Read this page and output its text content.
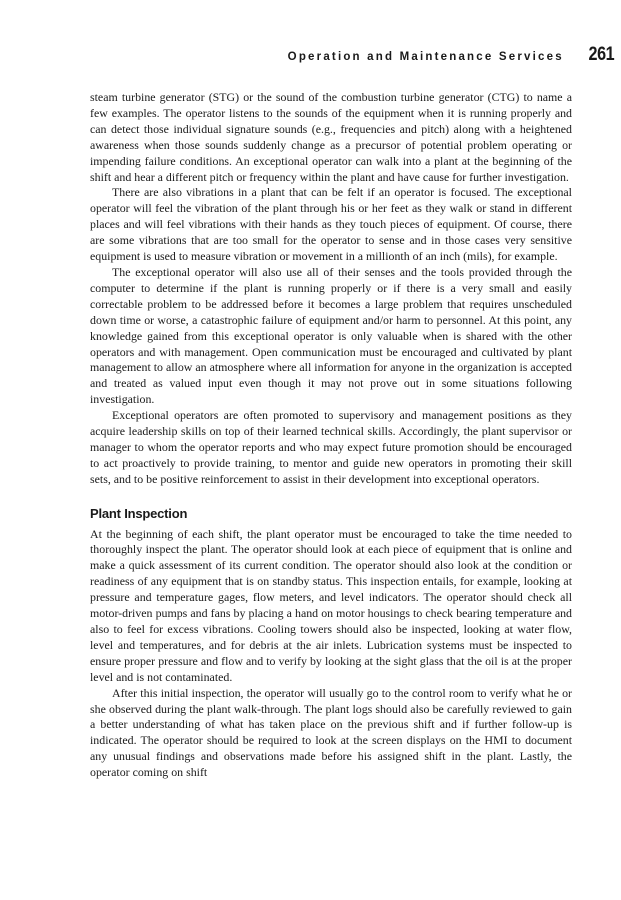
Operation and Maintenance Services 261

steam turbine generator (STG) or the sound of the combustion turbine generator (CTG) to name a few examples. The operator listens to the sounds of the equipment when it is running properly and can detect those individual signature sounds (e.g., frequencies and pitch) along with a heightened awareness when those sounds suddenly change as a precursor of potential problem operating or impending failure conditions. An exceptional operator can walk into a plant at the beginning of the shift and hear a different pitch or frequency within the plant and have cause for further investigation.

There are also vibrations in a plant that can be felt if an operator is focused. The exceptional operator will feel the vibration of the plant through his or her feet as they walk or stand in different places and will feel vibrations with their hands as they touch pieces of equipment. Of course, there are some vibrations that are too small for the operator to sense and in those cases very sensitive equipment is used to measure vibration or movement in a millionth of an inch (mils), for example.

The exceptional operator will also use all of their senses and the tools provided through the computer to determine if the plant is running properly or if there is a very small and easily correctable problem to be addressed before it becomes a large problem that requires unscheduled down time or worse, a catastrophic failure of equipment and/or harm to personnel. At this point, any knowledge gained from this exceptional operator is only valuable when is shared with the other operators and with management. Open communication must be encouraged and cultivated by plant management to allow an atmosphere where all information for anyone in the organization is accepted and treated as valued input even though it may not prove out in some situations following investigation.

Exceptional operators are often promoted to supervisory and management positions as they acquire leadership skills on top of their learned technical skills. Accordingly, the plant supervisor or manager to whom the operator reports and who may expect future promotion should be encouraged to act proactively to provide training, to mentor and guide new operators in promoting their skill sets, and to be positive reinforcement to assist in their development into exceptional operators.

Plant Inspection

At the beginning of each shift, the plant operator must be encouraged to take the time needed to thoroughly inspect the plant. The operator should look at each piece of equipment that is online and make a quick assessment of its current condition. The operator should also look at the condition or readiness of any equipment that is on standby status. This inspection entails, for example, looking at pressure and temperature gages, flow meters, and level indicators. The operator should check all motor-driven pumps and fans by placing a hand on motor housings to check bearing temperature and also to feel for excess vibrations. Cooling towers should also be inspected, looking at water flow, level and temperatures, and for debris at the air inlets. Lubrication systems must be inspected to ensure proper pressure and flow and to verify by looking at the sight glass that the oil is at the proper level and is not contaminated.

After this initial inspection, the operator will usually go to the control room to verify what he or she observed during the plant walk-through. The plant logs should also be carefully reviewed to gain a better understanding of what has taken place on the previous shift and if further follow-up is indicated. The operator should be required to look at the screen displays on the HMI to document any unusual findings and observations made before his assigned shift in the plant. Lastly, the operator coming on shift
